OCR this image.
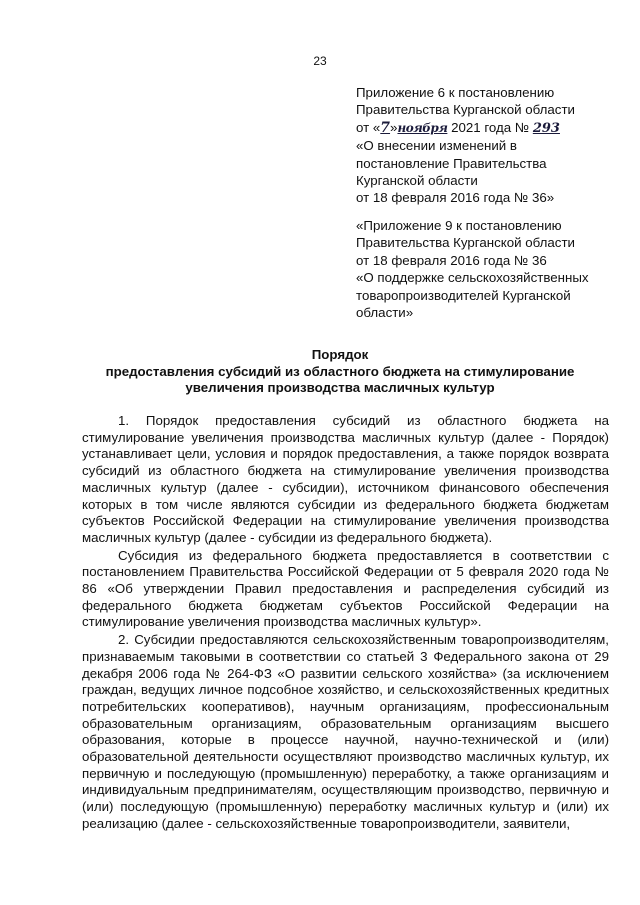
23
Приложение 6 к постановлению
Правительства Курганской области
от «7»ноября 2021 года № 293
«О внесении изменений в
постановление Правительства
Курганской области
от 18 февраля 2016 года № 36»
«Приложение 9 к постановлению
Правительства Курганской области
от 18 февраля 2016 года № 36
«О поддержке сельскохозяйственных
товаропроизводителей Курганской
области»
Порядок
предоставления субсидий из областного бюджета на стимулирование
увеличения производства масличных культур

1. Порядок предоставления субсидий из областного бюджета на стимулирование увеличения производства масличных культур (далее - Порядок) устанавливает цели, условия и порядок предоставления, а также порядок возврата субсидий из областного бюджета на стимулирование увеличения производства масличных культур (далее - субсидии), источником финансового обеспечения которых в том числе являются субсидии из федерального бюджета бюджетам субъектов Российской Федерации на стимулирование увеличения производства масличных культур (далее - субсидии из федерального бюджета).

Субсидия из федерального бюджета предоставляется в соответствии с постановлением Правительства Российской Федерации от 5 февраля 2020 года № 86 «Об утверждении Правил предоставления и распределения субсидий из федерального бюджета бюджетам субъектов Российской Федерации на стимулирование увеличения производства масличных культур».

2. Субсидии предоставляются сельскохозяйственным товаропроизводителям, признаваемым таковыми в соответствии со статьей 3 Федерального закона от 29 декабря 2006 года № 264-ФЗ «О развитии сельского хозяйства» (за исключением граждан, ведущих личное подсобное хозяйство, и сельскохозяйственных кредитных потребительских кооперативов), научным организациям, профессиональным образовательным организациям, образовательным организациям высшего образования, которые в процессе научной, научно-технической и (или) образовательной деятельности осуществляют производство масличных культур, их первичную и последующую (промышленную) переработку, а также организациям и индивидуальным предпринимателям, осуществляющим производство, первичную и (или) последующую (промышленную) переработку масличных культур и (или) их реализацию (далее - сельскохозяйственные товаропроизводители, заявители,
